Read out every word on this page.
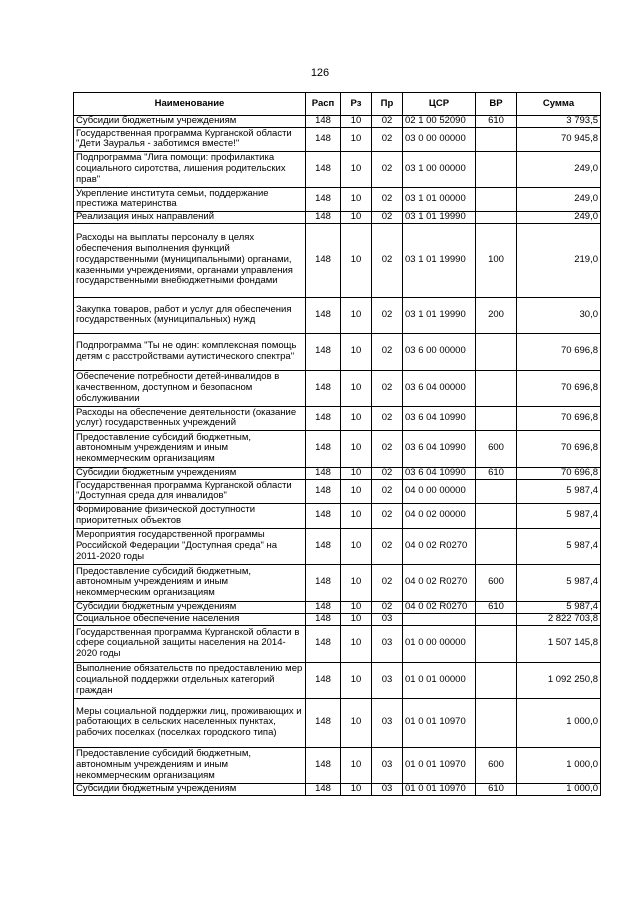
126
Наименование	Расп	Рз	Пр	ЦСР	ВР	Сумма
Субсидии бюджетным учреждениям	148	10	02	02 1 00 52090	610	3 793,5
Государственная программа Курганской области "Дети Зауралья - заботимся вместе!"	148	10	02	03 0 00 00000		70 945,8
Подпрограмма "Лига помощи: профилактика социального сиротства, лишения родительских прав"	148	10	02	03 1 00 00000		249,0
Укрепление института семьи, поддержание престижа материнства	148	10	02	03 1 01 00000		249,0
Реализация иных направлений	148	10	02	03 1 01 19990		249,0
Расходы на выплаты персоналу в целях обеспечения выполнения функций государственными (муниципальными) органами, казенными учреждениями, органами управления государственными внебюджетными фондами	148	10	02	03 1 01 19990	100	219,0
Закупка товаров, работ и услуг для обеспечения государственных (муниципальных) нужд	148	10	02	03 1 01 19990	200	30,0
Подпрограмма "Ты не один: комплексная помощь детям с расстройствами аутистического спектра"	148	10	02	03 6 00 00000		70 696,8
Обеспечение потребности детей-инвалидов в качественном, доступном и безопасном обслуживании	148	10	02	03 6 04 00000		70 696,8
Расходы на обеспечение деятельности (оказание услуг) государственных учреждений	148	10	02	03 6 04 10990		70 696,8
Предоставление субсидий бюджетным, автономным учреждениям и иным некоммерческим организациям	148	10	02	03 6 04 10990	600	70 696,8
Субсидии бюджетным учреждениям	148	10	02	03 6 04 10990	610	70 696,8
Государственная программа Курганской области "Доступная среда для инвалидов"	148	10	02	04 0 00 00000		5 987,4
Формирование физической доступности приоритетных объектов	148	10	02	04 0 02 00000		5 987,4
Мероприятия государственной программы Российской Федерации "Доступная среда" на 2011-2020 годы	148	10	02	04 0 02 R0270		5 987,4
Предоставление субсидий бюджетным, автономным учреждениям и иным некоммерческим организациям	148	10	02	04 0 02 R0270	600	5 987,4
Субсидии бюджетным учреждениям	148	10	02	04 0 02 R0270	610	5 987,4
Социальное обеспечение населения	148	10	03			2 822 703,8
Государственная программа Курганской области в сфере социальной защиты населения на 2014-2020 годы	148	10	03	01 0 00 00000		1 507 145,8
Выполнение обязательств по предоставлению мер социальной поддержки отдельных категорий граждан	148	10	03	01 0 01 00000		1 092 250,8
Меры социальной поддержки лиц, проживающих и работающих в сельских населенных пунктах, рабочих поселках (поселках городского типа)	148	10	03	01 0 01 10970		1 000,0
Предоставление субсидий бюджетным, автономным учреждениям и иным некоммерческим организациям	148	10	03	01 0 01 10970	600	1 000,0
Субсидии бюджетным учреждениям	148	10	03	01 0 01 10970	610	1 000,0
